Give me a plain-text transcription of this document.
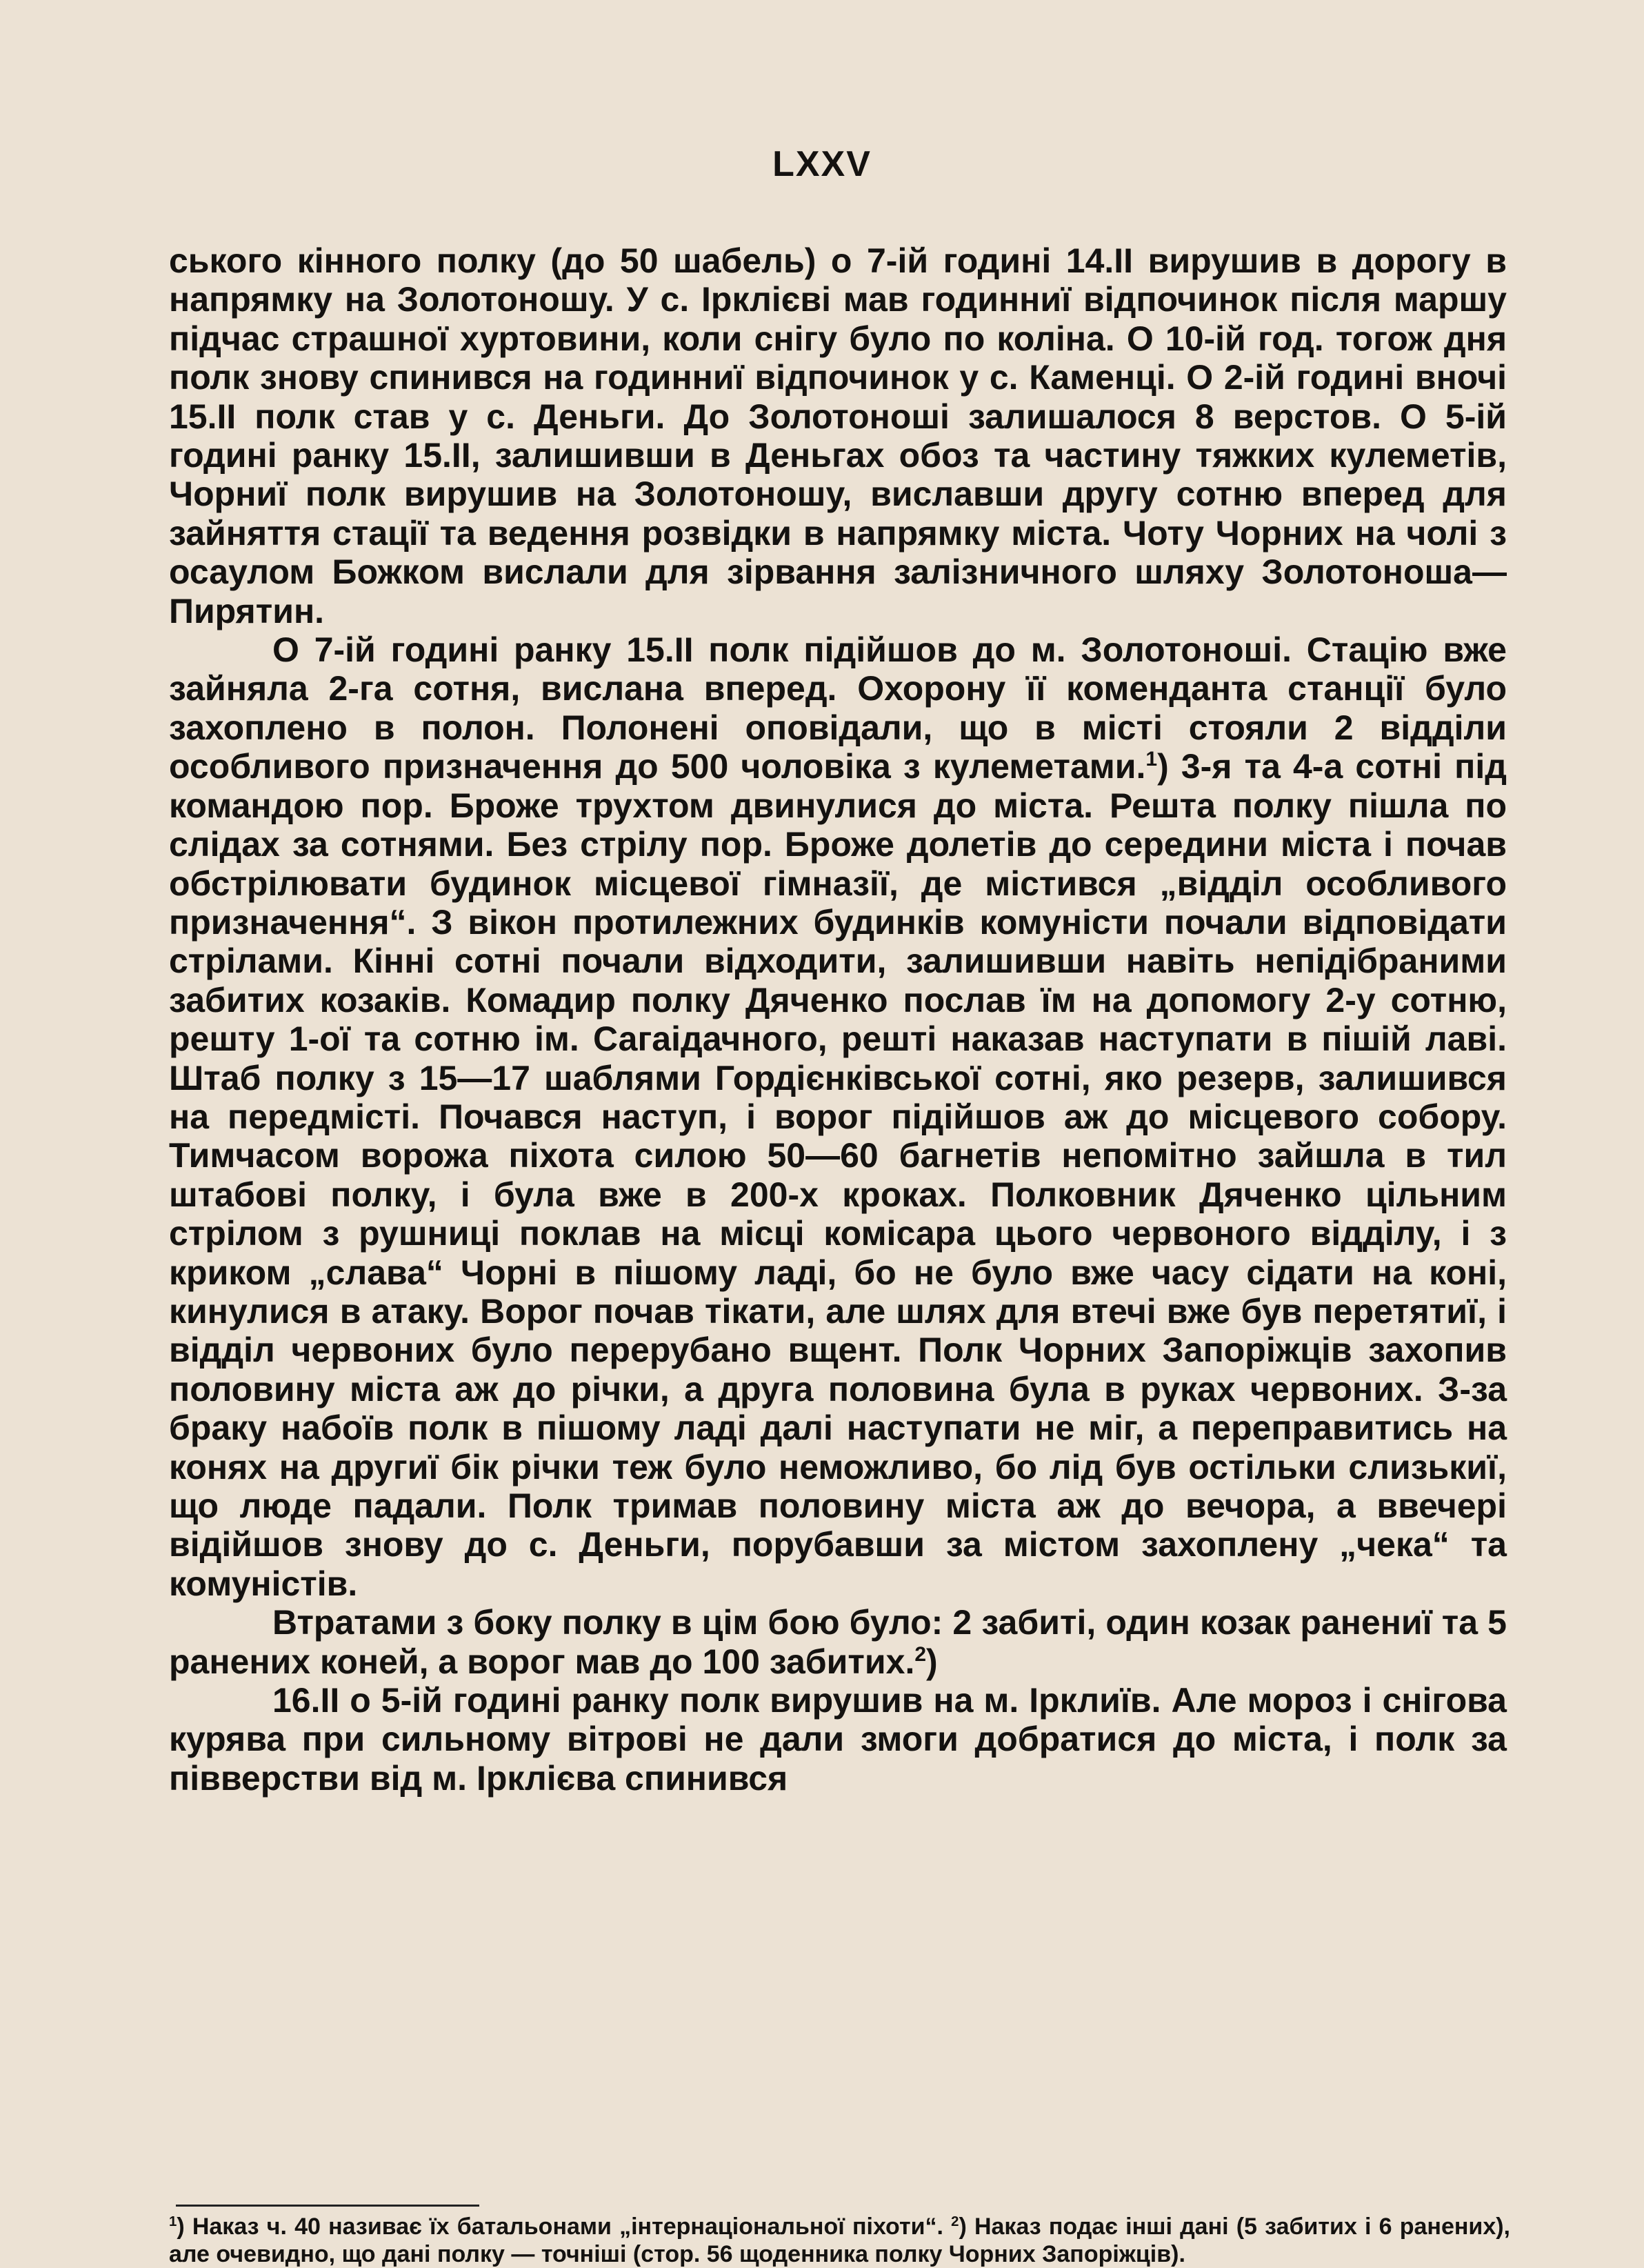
LXXV

ського кінного полку (до 50 шабель) о 7-ій годині 14.II вирушив в дорогу в напрямку на Золотоношу. У с. Ірклієві мав годинниї відпочинок після маршу підчас страшної хуртовини, коли снігу було по коліна. О 10-ій год. тогож дня полк знову спинився на годинниї відпочинок у с. Каменці. О 2-ій годині вночі 15.II полк став у с. Деньги. До Золотоноші залишалося 8 верстов. О 5-ій годині ранку 15.II, залишивши в Деньгах обоз та частину тяжких кулеметів, Чорниї полк вирушив на Золотоношу, виславши другу сотню вперед для зайняття стації та ведення розвідки в напрямку міста. Чоту Чорних на чолі з осаулом Божком вислали для зірвання залізничного шляху Золотоноша—Пирятин.

О 7-ій годині ранку 15.II полк підійшов до м. Золотоноші. Стацію вже зайняла 2-га сотня, вислана вперед. Охорону її коменданта станції було захоплено в полон. Полонені оповідали, що в місті стояли 2 відділи особливого призначення до 500 чоловіка з кулеметами.$^1$) 3-я та 4-а сотні під командою пор. Броже трухтом двинулися до міста. Решта полку пішла по слідах за сотнями. Без стрілу пор. Броже долетів до середини міста і почав обстрілювати будинок місцевої гімназії, де містився „відділ особливого призначення“. З вікон протилежних будинків комуністи почали відповідати стрілами. Кінні сотні почали відходити, залишивши навіть непідібраними забитих козаків. Комадир полку Дяченко послав їм на допомогу 2-у сотню, решту 1-ої та сотню ім. Сагаідачного, решті наказав наступати в пішій лаві. Штаб полку з 15—17 шаблями Гордієнківської сотні, яко резерв, залишився на передмісті. Почався наступ, і ворог підійшов аж до місцевого собору. Тимчасом ворожа піхота силою 50—60 багнетів непомітно зайшла в тил штабові полку, і була вже в 200-х кроках. Полковник Дяченко цільним стрілом з рушниці поклав на місці комісара цього червоного відділу, і з криком „слава“ Чорні в пішому ладі, бо не було вже часу сідати на коні, кинулися в атаку. Ворог почав тікати, але шлях для втечі вже був перетятиї, і відділ червоних було перерубано вщент. Полк Чорних Запоріжців захопив половину міста аж до річки, а друга половина була в руках червоних. З-за браку набоїв полк в пішому ладі далі наступати не міг, а переправитись на конях на другиї бік річки теж було неможливо, бо лід був остільки слизькиї, що люде падали. Полк тримав половину міста аж до вечора, а ввечері відійшов знову до с. Деньги, порубавши за містом захоплену „чека“ та комуністів.

Втратами з боку полку в цім бою було: 2 забиті, один козак ранениї та 5 ранених коней, а ворог мав до 100 забитих.$^2$)

16.II о 5-ій годині ранку полк вирушив на м. Ірклиїв. Але мороз і снігова курява при сильному вітрові не дали змоги добратися до міста, і полк за півверстви від м. Ірклієва спинився

$^1$) Наказ ч. 40 називає їх батальонами „інтернаціональної піхоти“. $^2$) Наказ подає інші дані (5 забитих і 6 ранених), але очевидно, що дані полку — точніші (стор. 56 щоденника полку Чорних Запоріжців).
